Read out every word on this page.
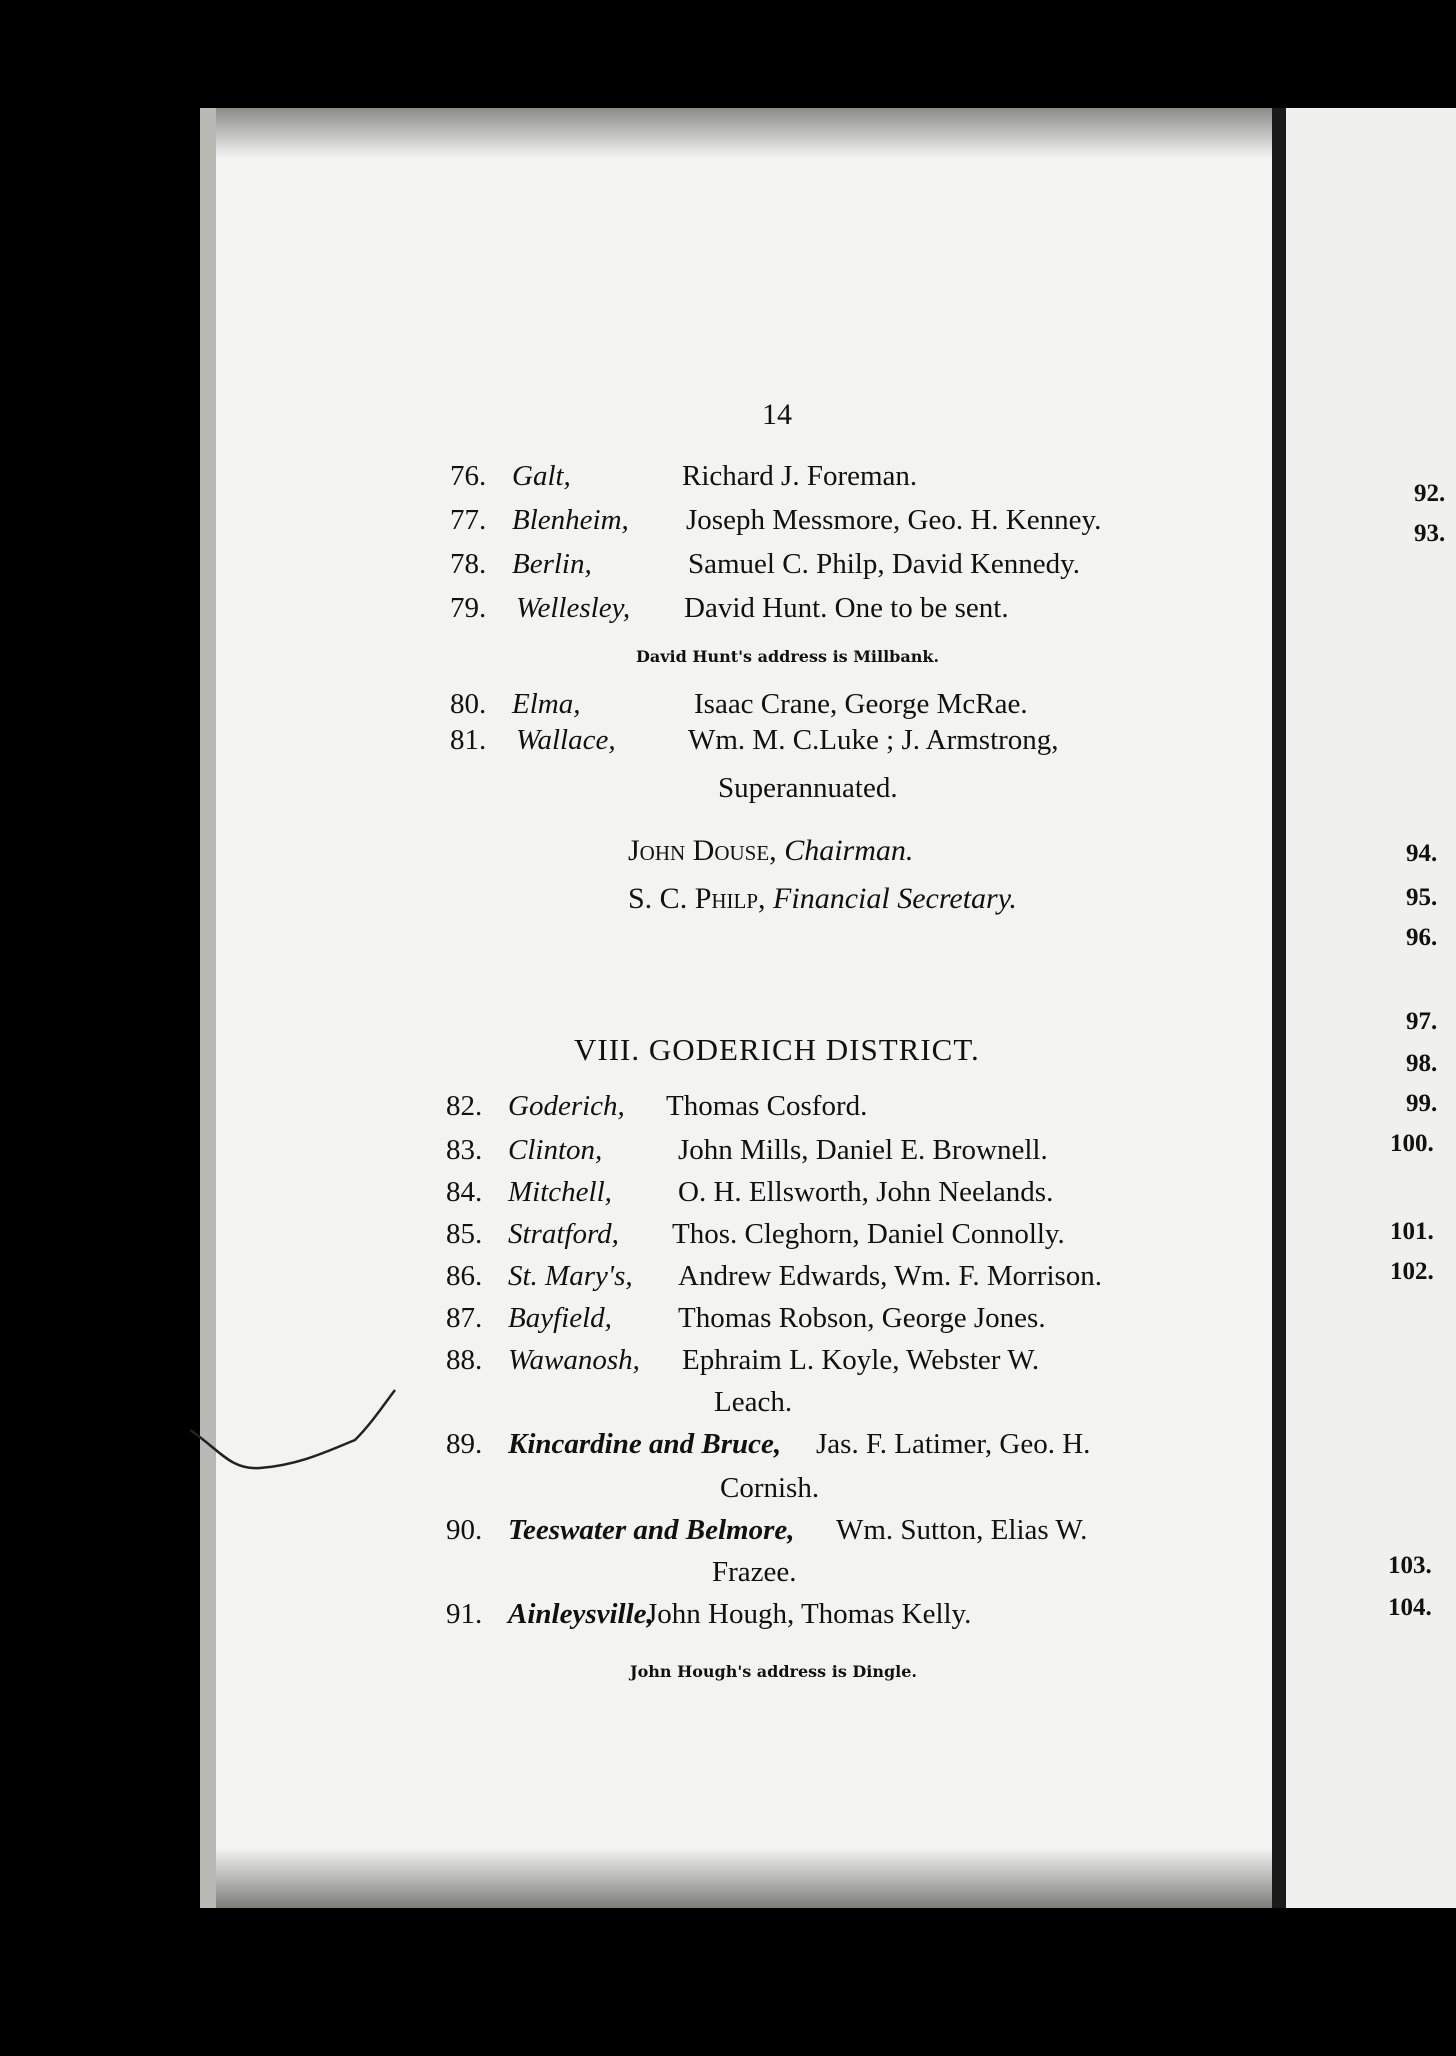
14
76. Galt,	Richard J. Foreman.
77. Blenheim, Joseph Messmore, Geo. H. Kenney.
78. Berlin,	Samuel C. Philp, David Kennedy.
79. Wellesley, David Hunt. One to be sent.
David Hunt's address is Millbank.
80. Elma,	Isaac Crane, George McRae.
81. Wallace, Wm. M. C.Luke ; J. Armstrong,
Superannuated.
John Douse, Chairman.
S. C. Philp, Financial Secretary.
VIII. GODERICH DISTRICT.
82. Goderich, Thomas Cosford.
83. Clinton,	John Mills, Daniel E. Brownell.
84. Mitchell, O. H. Ellsworth, John Neelands.
85. Stratford, Thos. Cleghorn, Daniel Connolly.
86. St. Mary's, Andrew Edwards, Wm. F. Morrison.
87. Bayfield, Thomas Robson, George Jones.
88. Wawanosh, Ephraim L. Koyle, Webster W.
Leach.
89. Kincardine and Bruce, Jas. F. Latimer, Geo. H.
Cornish.
90. Teeswater and Belmore, Wm. Sutton, Elias W.
Frazee.
91. Ainleysville,
John Hough, Thomas Kelly.
John Hough's address is Dingle.
92.
93.
94.
95.
96.
97.
98.
99.
100.
101.
102.
103.
104.
